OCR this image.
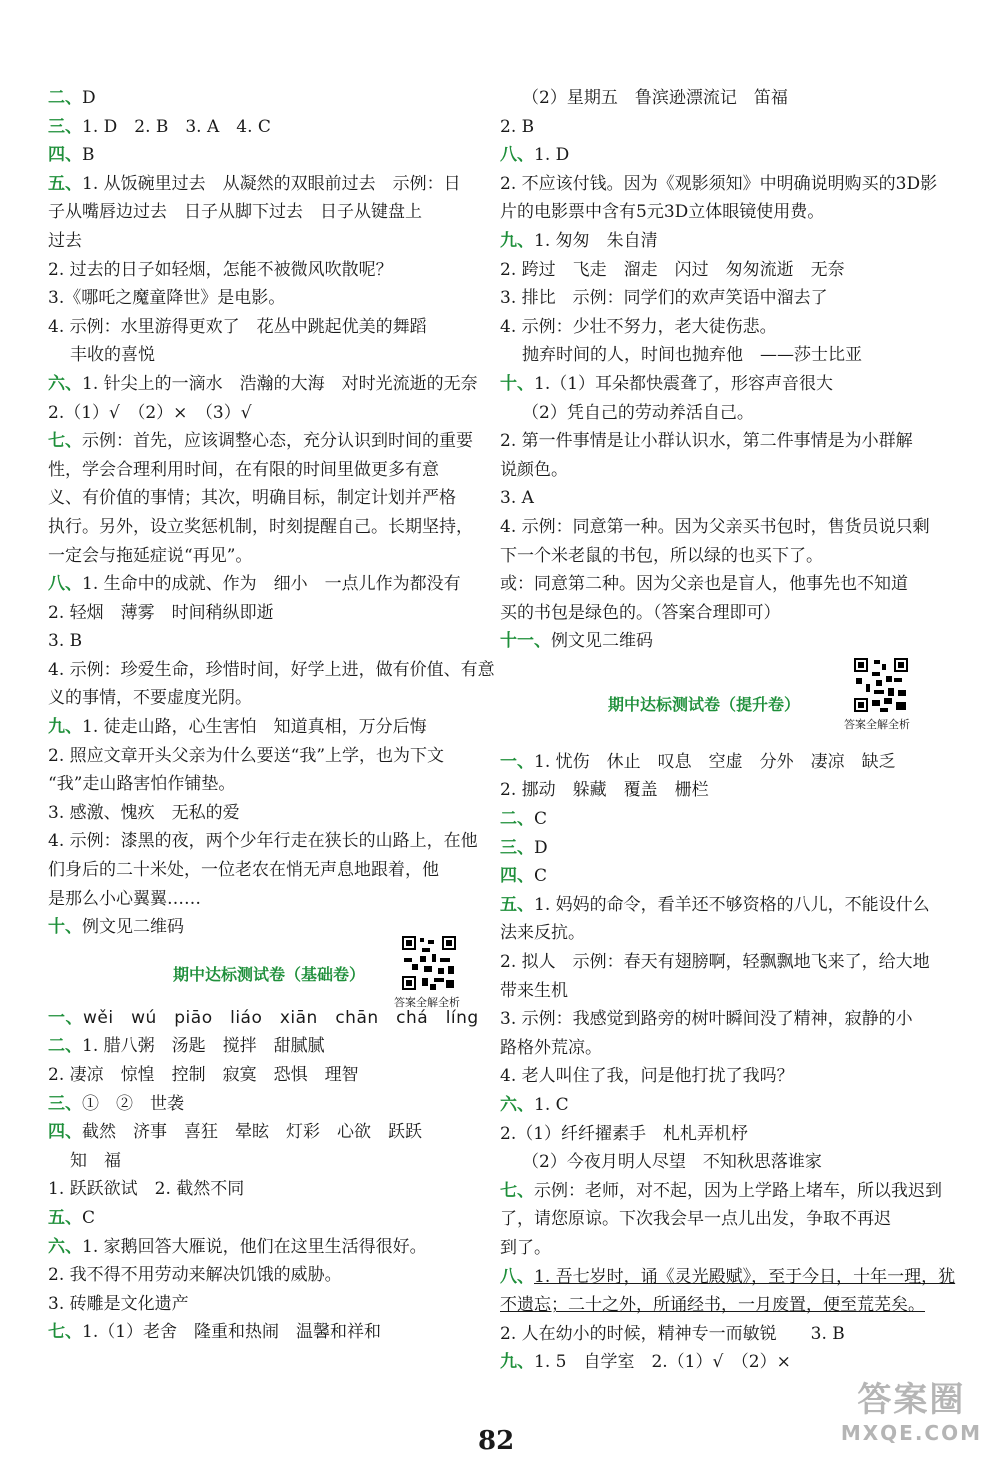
二、D
三、1. D　2. B　3. A　4. C
四、B
五、1. 从饭碗里过去　从凝然的双眼前过去　示例：日
子从嘴唇边过去　日子从脚下过去　日子从键盘上
过去
2. 过去的日子如轻烟，怎能不被微风吹散呢？
3.《哪吒之魔童降世》是电影。
4. 示例：水里游得更欢了　花丛中跳起优美的舞蹈
丰收的喜悦
六、1. 针尖上的一滴水　浩瀚的大海　对时光流逝的无奈
2.（1）√　（2）×　（3）√
七、示例：首先，应该调整心态，充分认识到时间的重要
性，学会合理利用时间，在有限的时间里做更多有意
义、有价值的事情；其次，明确目标，制定计划并严格
执行。另外，设立奖惩机制，时刻提醒自己。长期坚持，
一定会与拖延症说“再见”。
八、1. 生命中的成就、作为　细小　一点儿作为都没有
2. 轻烟　薄雾　时间稍纵即逝
3. B
4. 示例：珍爱生命，珍惜时间，好学上进，做有价值、有意
义的事情，不要虚度光阴。
九、1. 徒走山路，心生害怕　知道真相，万分后悔
2. 照应文章开头父亲为什么要送“我”上学，也为下文
“我”走山路害怕作铺垫。
3. 感激、愧疚　无私的爱
4. 示例：漆黑的夜，两个少年行走在狭长的山路上，在他
们身后的二十米处，一位老农在悄无声息地跟着，他
是那么小心翼翼……
十、例文见二维码
期中达标测试卷（基础卷）
答案全解全析
一、wěi　wú　piāo　liáo　xiān　chān　chá　líng
二、1. 腊八粥　汤匙　搅拌　甜腻腻
2. 凄凉　惊惶　控制　寂寞　恐惧　理智
三、①　②　世袭
四、截然　济事　喜狂　晕眩　灯彩　心欲　跃跃
知　福
1. 跃跃欲试　2. 截然不同
五、C
六、1. 家鹅回答大雁说，他们在这里生活得很好。
2. 我不得不用劳动来解决饥饿的威胁。
3. 砖雕是文化遗产
七、1.（1）老舍　隆重和热闹　温馨和祥和
（2）星期五　鲁滨逊漂流记　笛福
2. B
八、1. D
2. 不应该付钱。因为《观影须知》中明确说明购买的3D影
片的电影票中含有5元3D立体眼镜使用费。
九、1. 匆匆　朱自清
2. 跨过　飞走　溜走　闪过　匆匆流逝　无奈
3. 排比　示例：同学们的欢声笑语中溜去了
4. 示例：少壮不努力，老大徒伤悲。
抛弃时间的人，时间也抛弃他　——莎士比亚
十、1.（1）耳朵都快震聋了，形容声音很大
（2）凭自己的劳动养活自己。
2. 第一件事情是让小群认识水，第二件事情是为小群解
说颜色。
3. A
4. 示例：同意第一种。因为父亲买书包时，售货员说只剩
下一个米老鼠的书包，所以绿的也买下了。
或：同意第二种。因为父亲也是盲人，他事先也不知道
买的书包是绿色的。（答案合理即可）
十一、例文见二维码
期中达标测试卷（提升卷）
答案全解全析
一、1. 忧伤　休止　叹息　空虚　分外　凄凉　缺乏
2. 挪动　躲藏　覆盖　栅栏
二、C
三、D
四、C
五、1. 妈妈的命令，看羊还不够资格的八儿，不能设什么
法来反抗。
2. 拟人　示例：春天有翅膀啊，轻飘飘地飞来了，给大地
带来生机
3. 示例：我感觉到路旁的树叶瞬间没了精神，寂静的小
路格外荒凉。
4. 老人叫住了我，问是他打扰了我吗？
六、1. C
2.（1）纤纤擢素手　札札弄机杼
（2）今夜月明人尽望　不知秋思落谁家
七、示例：老师，对不起，因为上学路上堵车，所以我迟到
了，请您原谅。下次我会早一点儿出发，争取不再迟
到了。
八、1. 吾七岁时，诵《灵光殿赋》，至于今日，十年一理，犹
不遗忘；二十之外，所诵经书，一月废置，便至荒芜矣。
2. 人在幼小的时候，精神专一而敏锐　　3. B
九、1. 5　自学室　2.（1）√　（2）×
82
答案圈
MXQE.COM
